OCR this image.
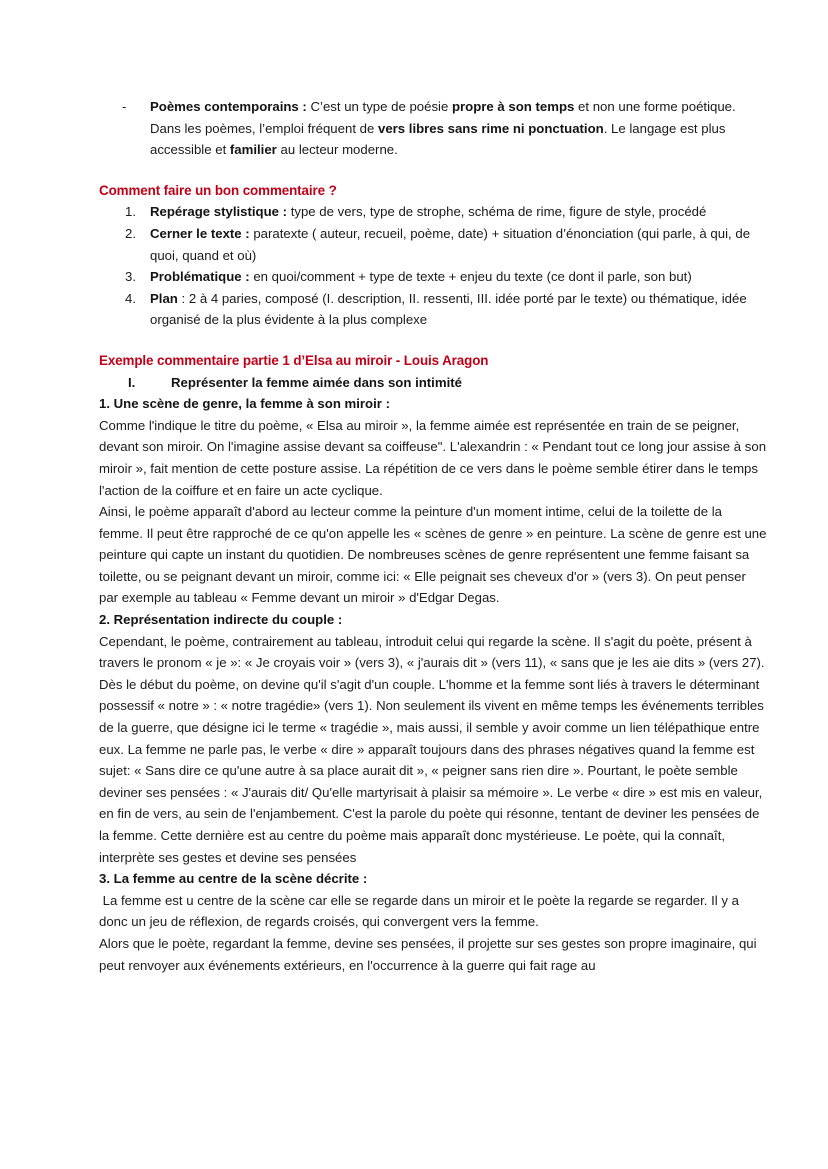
- Poèmes contemporains : C’est un type de poésie propre à son temps et non une forme poétique. Dans les poèmes, l’emploi fréquent de vers libres sans rime ni ponctuation. Le langage est plus accessible et familier au lecteur moderne.
Comment faire un bon commentaire ?
1. Repérage stylistique : type de vers, type de strophe, schéma de rime, figure de style, procédé
2. Cerner le texte : paratexte ( auteur, recueil, poème, date) + situation d’énonciation (qui parle, à qui, de quoi, quand et où)
3. Problématique : en quoi/comment + type de texte + enjeu du texte (ce dont il parle, son but)
4. Plan : 2 à 4 paries, composé (I. description, II. ressenti, III. idée porté par le texte) ou thématique, idée organisé de la plus évidente à la plus complexe
Exemple commentaire partie 1 d’Elsa au miroir - Louis Aragon
I.	Représenter la femme aimée dans son intimité
1. Une scène de genre, la femme à son miroir :

Comme l'indique le titre du poème, « Elsa au miroir », la femme aimée est représentée en train de se peigner, devant son miroir. On l'imagine assise devant sa coiffeuse". L'alexandrin : « Pendant tout ce long jour assise à son miroir », fait mention de cette posture assise. La répétition de ce vers dans le poème semble étirer dans le temps l'action de la coiffure et en faire un acte cyclique.

Ainsi, le poème apparaît d'abord au lecteur comme la peinture d'un moment intime, celui de la toilette de la femme. Il peut être rapproché de ce qu'on appelle les « scènes de genre » en peinture. La scène de genre est une peinture qui capte un instant du quotidien. De nombreuses scènes de genre représentent une femme faisant sa toilette, ou se peignant devant un miroir, comme ici: « Elle peignait ses cheveux d'or » (vers 3). On peut penser par exemple au tableau « Femme devant un miroir » d'Edgar Degas.

2. Représentation indirecte du couple :

Cependant, le poème, contrairement au tableau, introduit celui qui regarde la scène. Il s'agit du poète, présent à travers le pronom « je »: « Je croyais voir » (vers 3), « j'aurais dit » (vers 11), « sans que je les aie dits » (vers 27).

Dès le début du poème, on devine qu'il s'agit d'un couple. L'homme et la femme sont liés à travers le déterminant possessif « notre » : « notre tragédie» (vers 1). Non seulement ils vivent en même temps les événements terribles de la guerre, que désigne ici le terme « tragédie », mais aussi, il semble y avoir comme un lien télépathique entre eux. La femme ne parle pas, le verbe « dire » apparaît toujours dans des phrases négatives quand la femme est sujet: « Sans dire ce qu'une autre à sa place aurait dit », « peigner sans rien dire ». Pourtant, le poète semble deviner ses pensées : « J'aurais dit/ Qu'elle martyrisait à plaisir sa mémoire ». Le verbe « dire » est mis en valeur, en fin de vers, au sein de l'enjambement. C'est la parole du poète qui résonne, tentant de deviner les pensées de la femme. Cette dernière est au centre du poème mais apparaît donc mystérieuse. Le poète, qui la connaît, interprète ses gestes et devine ses pensées

3. La femme au centre de la scène décrite :

La femme est u centre de la scène car elle se regarde dans un miroir et le poète la regarde se regarder. Il y a donc un jeu de réflexion, de regards croisés, qui convergent vers la femme.

Alors que le poète, regardant la femme, devine ses pensées, il projette sur ses gestes son propre imaginaire, qui peut renvoyer aux événements extérieurs, en l'occurrence à la guerre qui fait rage au
